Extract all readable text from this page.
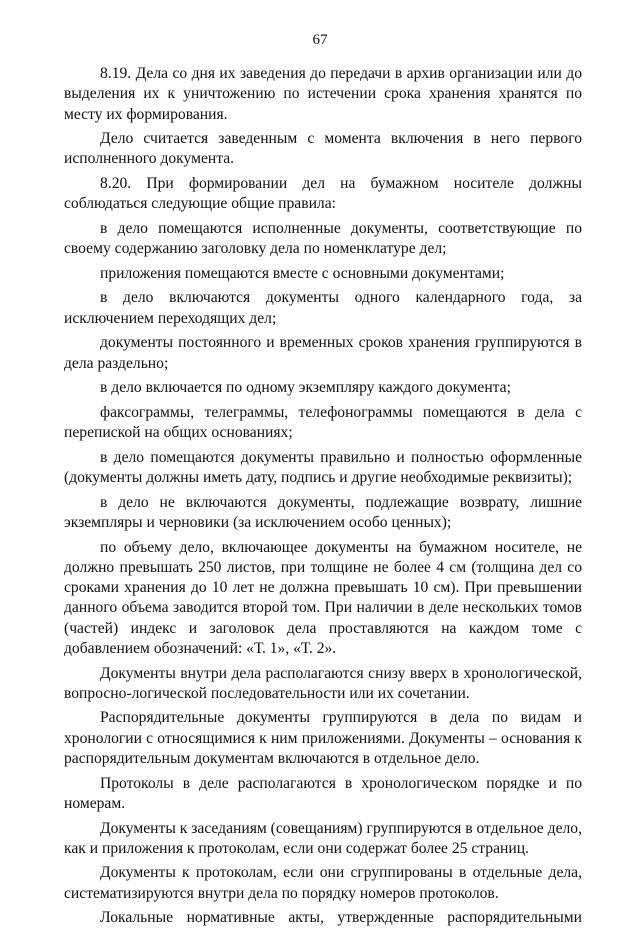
67

8.19. Дела со дня их заведения до передачи в архив организации или до выделения их к уничтожению по истечении срока хранения хранятся по месту их формирования.

Дело считается заведенным с момента включения в него первого исполненного документа.

8.20. При формировании дел на бумажном носителе должны соблюдаться следующие общие правила:

в дело помещаются исполненные документы, соответствующие по своему содержанию заголовку дела по номенклатуре дел;

приложения помещаются вместе с основными документами;

в дело включаются документы одного календарного года, за исключением переходящих дел;

документы постоянного и временных сроков хранения группируются в дела раздельно;

в дело включается по одному экземпляру каждого документа;

факсограммы, телеграммы, телефонограммы помещаются в дела с перепиской на общих основаниях;

в дело помещаются документы правильно и полностью оформленные (документы должны иметь дату, подпись и другие необходимые реквизиты);

в дело не включаются документы, подлежащие возврату, лишние экземпляры и черновики (за исключением особо ценных);

по объему дело, включающее документы на бумажном носителе, не должно превышать 250 листов, при толщине не более 4 см (толщина дел со сроками хранения до 10 лет не должна превышать 10 см). При превышении данного объема заводится второй том. При наличии в деле нескольких томов (частей) индекс и заголовок дела проставляются на каждом томе с добавлением обозначений: «Т. 1», «Т. 2».

Документы внутри дела располагаются снизу вверх в хронологической, вопросно-логической последовательности или их сочетании.

Распорядительные документы группируются в дела по видам и хронологии с относящимися к ним приложениями. Документы – основания к распорядительным документам включаются в отдельное дело.

Протоколы в деле располагаются в хронологическом порядке и по номерам.

Документы к заседаниям (совещаниям) группируются в отдельное дело, как и приложения к протоколам, если они содержат более 25 страниц.

Документы к протоколам, если они сгруппированы в отдельные дела, систематизируются внутри дела по порядку номеров протоколов.

Локальные нормативные акты, утвержденные распорядительными
